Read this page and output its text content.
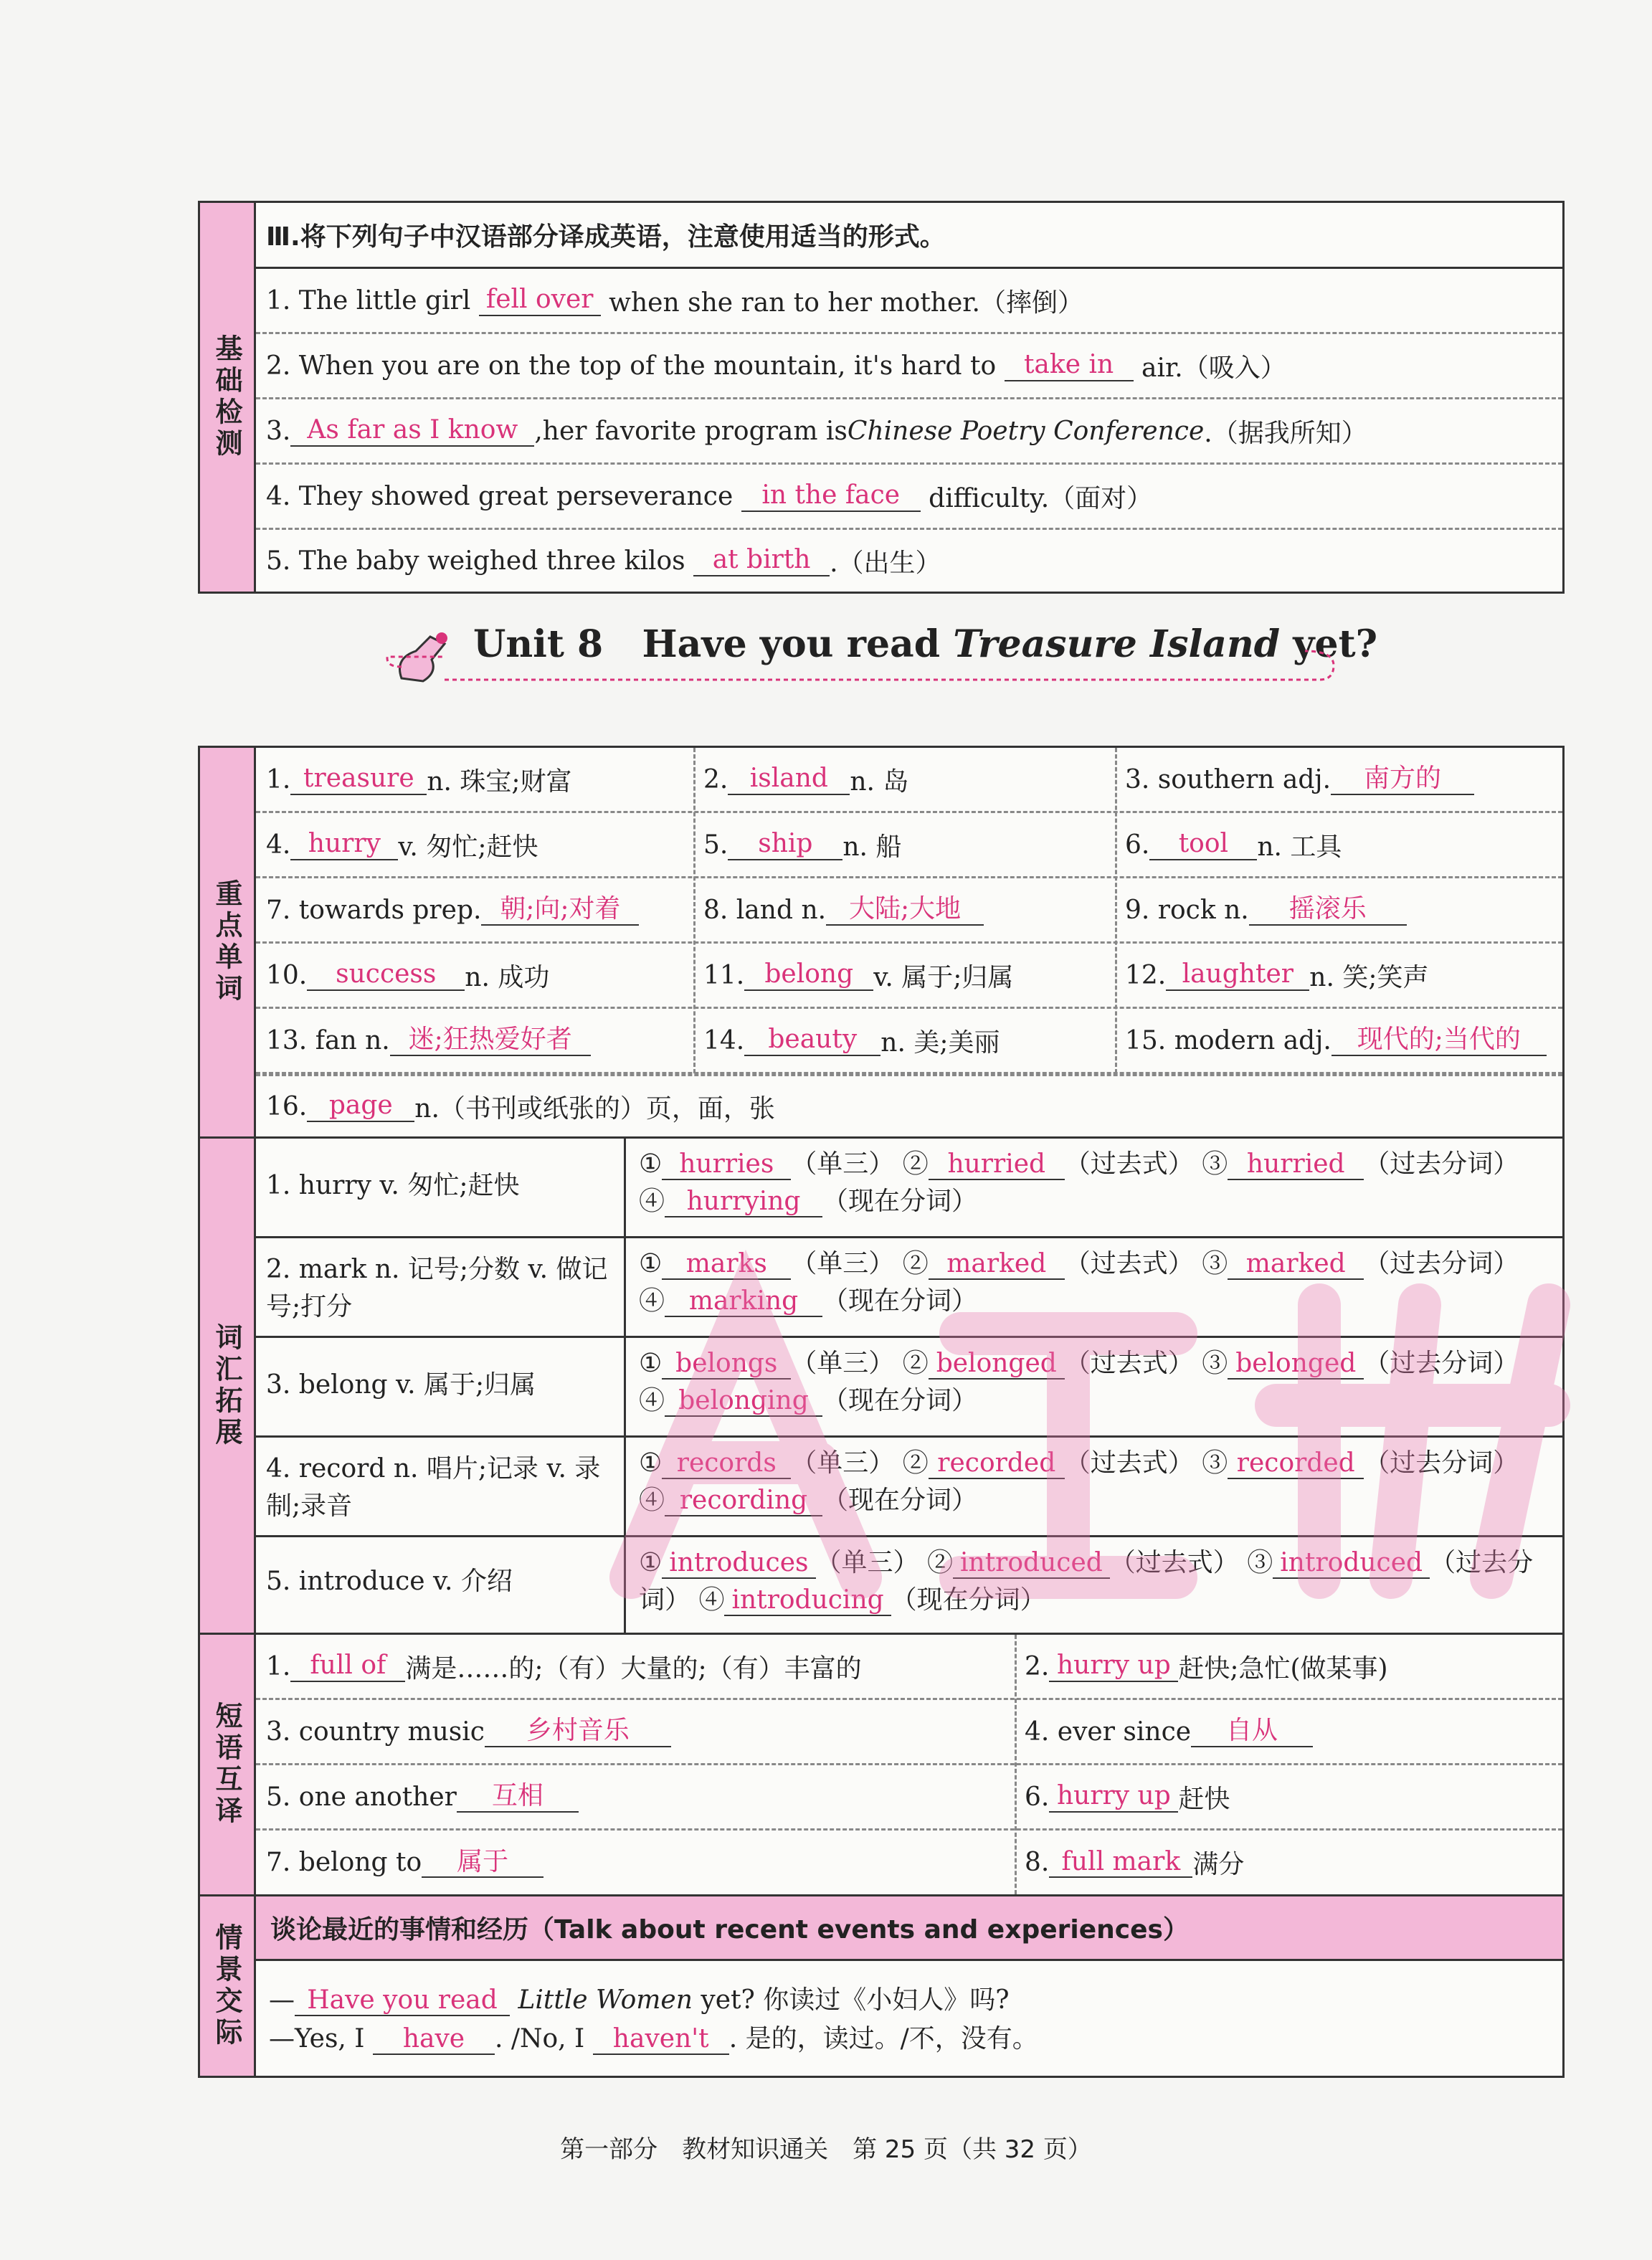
基础检测
Ⅲ.将下列句子中汉语部分译成英语，注意使用适当的形式。
1. The little girl
fell over
when she ran to her mother.（摔倒）
2. When you are on the top of the mountain, it's hard to
	take in
	air.（吸入）
3. As far as I know ,her favorite program is Chinese Poetry Conference .（据我所知）
4. They showed great perseverance
	in the face
	difficulty.（面对）
5. The baby weighed three kilos
	at birth .（出生）
Unit 8 Have you read Treasure Island yet?
重点单词
1. treasure n. 珠宝;财富	2. island n. 岛	3. southern adj.	南方的
4. hurry v. 匆忙;赶快	5.	ship	n. 船	6.	tool	n. 工具
7. towards prep. 朝;向;对着	8. land n. 大陆;大地	9. rock n.	摇滚乐
10.	success	n. 成功	11. belong v. 属于;归属	12. laughter n. 笑;笑声
13. fan n. 迷;狂热爱好者	14. beauty n. 美;美丽	15. modern adj. 现代的;当代的
16. page n.（书刊或纸张的）页，面，张
词汇拓展
1. hurry v. 匆忙;赶快
① hurries （单三） ② hurried （过去式） ③ hurried （过去分词） ④ hurrying （现在分词）
2. mark n. 记号;分数 v. 做记号;打分
① marks （单三） ② marked （过去式） ③ marked （过去分词） ④ marking （现在分词）
3. belong v. 属于;归属
① belongs （单三） ② belonged （过去式） ③ belonged （过去分词） ④ belonging （现在分词）
4. record n. 唱片;记录 v. 录制;录音
① records （单三） ② recorded （过去式） ③ recorded （过去分词） ④ recording （现在分词）
5. introduce v. 介绍
① introduces （单三） ② introduced （过去式） ③ introduced （过去分词） ④ introducing （现在分词）
短语互译
1. full of 满是……的;（有）大量的;（有）丰富的	2. hurry up 赶快;急忙(做某事)
3. country music	乡村音乐	4. ever since	自从
5. one another	互相	6. hurry up 赶快
7. belong to	属于	8. full mark 满分
情景交际	谈论最近的事情和经历（Talk about recent events and experiences）
— Have you read Little Women yet? 你读过《小妇人》吗?
—Yes, I have . /No, I haven't . 是的，读过。/不，没有。
第一部分　教材知识通关　第 25 页（共 32 页）
